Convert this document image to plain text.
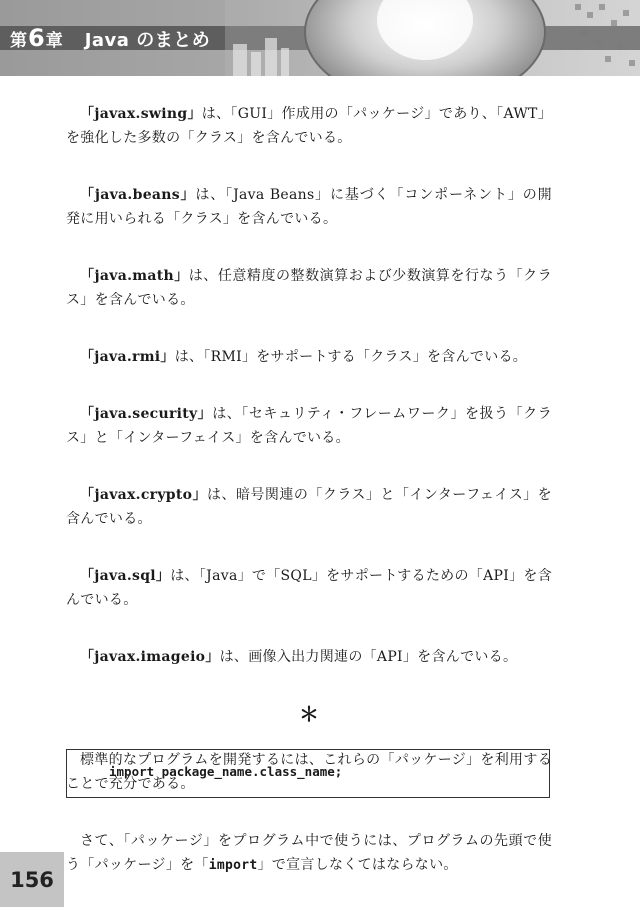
第 6 章 Java のまとめ

「javax.swing」は、「GUI」作成用の「パッケージ」であり、「AWT」を強化した多数の「クラス」を含んでいる。

「java.beans」は、「Java Beans」に基づく「コンポーネント」の開発に用いられる「クラス」を含んでいる。

「java.math」は、任意精度の整数演算および少数演算を行なう「クラス」を含んでいる。

「java.rmi」は、「RMI」をサポートする「クラス」を含んでいる。

「java.security」は、「セキュリティ・フレームワーク」を扱う「クラス」と「インターフェイス」を含んでいる。

「javax.crypto」は、暗号関連の「クラス」と「インターフェイス」を含んでいる。

「java.sql」は、「Java」で「SQL」をサポートするための「API」を含んでいる。

「javax.imageio」は、画像入出力関連の「API」を含んでいる。

＊

標準的なプログラムを開発するには、これらの「パッケージ」を利用することで充分である。

さて、「パッケージ」をプログラム中で使うには、プログラムの先頭で使う「パッケージ」を「import」で宣言しなくてはならない。

import package_name.class_name;
156
